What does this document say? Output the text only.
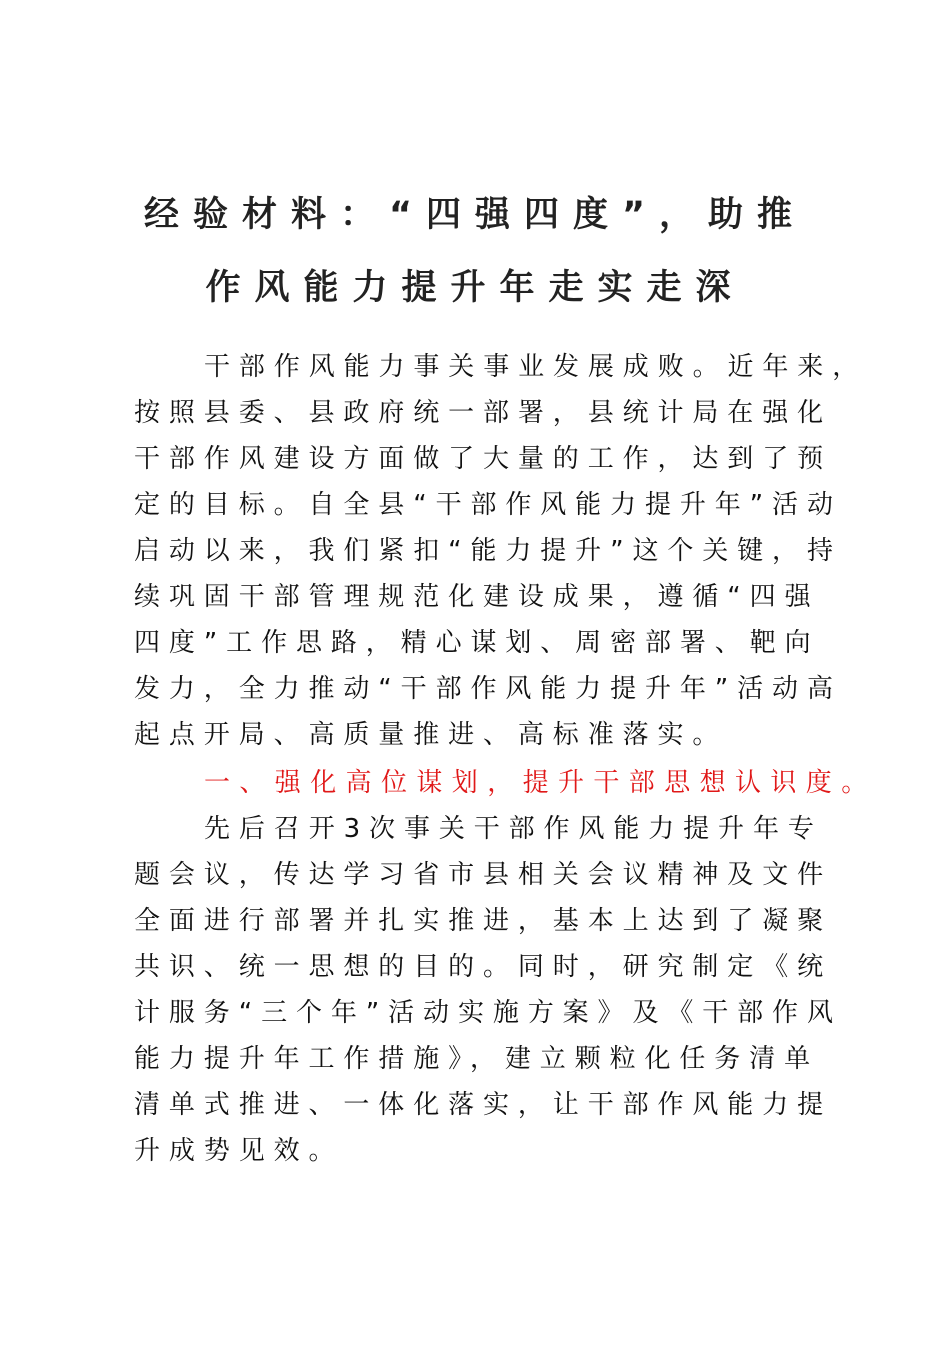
经验材料：“四强四度”，助推
作风能力提升年走实走深
干部作风能力事关事业发展成败。近年来，
按照县委、县政府统一部署，县统计局在强化
干部作风建设方面做了大量的工作，达到了预
定的目标。自全县“干部作风能力提升年”活动
启动以来，我们紧扣“能力提升”这个关键，持
续巩固干部管理规范化建设成果，遵循“四强
四度”工作思路，精心谋划、周密部署、靶向
发力，全力推动“干部作风能力提升年”活动高
起点开局、高质量推进、高标准落实。
一、强化高位谋划，提升干部思想认识度。
先后召开3次事关干部作风能力提升年专
题会议，传达学习省市县相关会议精神及文件
全面进行部署并扎实推进，基本上达到了凝聚
共识、统一思想的目的。同时，研究制定《统
计服务“三个年”活动实施方案》及《干部作风
能力提升年工作措施》，建立颗粒化任务清单
清单式推进、一体化落实，让干部作风能力提
升成势见效。
